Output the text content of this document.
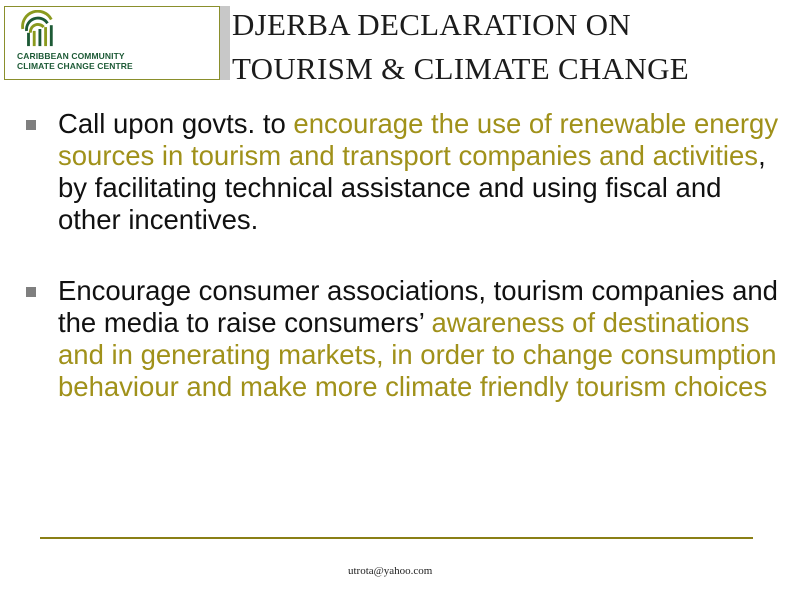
CARIBBEAN COMMUNITY
CLIMATE CHANGE CENTRE
DJERBA DECLARATION ON
TOURISM & CLIMATE CHANGE
Call upon govts. to encourage the use of renewable energy sources in tourism and transport companies and activities, by facilitating technical assistance and using fiscal and other incentives.
Encourage consumer associations, tourism companies and the media to raise consumers’ awareness of destinations and in generating markets, in order to change consumption behaviour and make more climate friendly tourism choices
utrota@yahoo.com
